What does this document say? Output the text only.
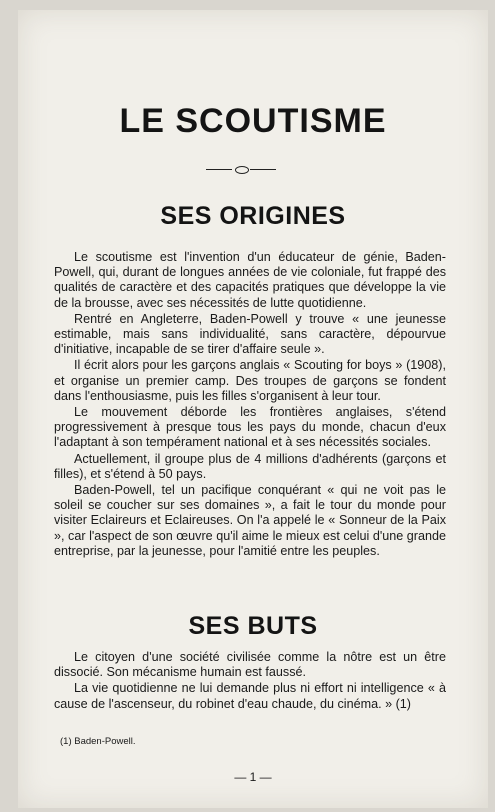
LE SCOUTISME
SES ORIGINES

Le scoutisme est l'invention d'un éducateur de génie, Baden-Powell, qui, durant de longues années de vie coloniale, fut frappé des qualités de caractère et des capacités pratiques que développe la vie de la brousse, avec ses nécessités de lutte quotidienne.

Rentré en Angleterre, Baden-Powell y trouve « une jeunesse estimable, mais sans individualité, sans caractère, dépourvue d'initiative, incapable de se tirer d'affaire seule ».

Il écrit alors pour les garçons anglais « Scouting for boys » (1908), et organise un premier camp. Des troupes de garçons se fondent dans l'enthousiasme, puis les filles s'organisent à leur tour.

Le mouvement déborde les frontières anglaises, s'étend progressivement à presque tous les pays du monde, chacun d'eux l'adaptant à son tempérament national et à ses nécessités sociales.

Actuellement, il groupe plus de 4 millions d'adhérents (garçons et filles), et s'étend à 50 pays.

Baden-Powell, tel un pacifique conquérant « qui ne voit pas le soleil se coucher sur ses domaines », a fait le tour du monde pour visiter Eclaireurs et Eclaireuses. On l'a appelé le « Sonneur de la Paix », car l'aspect de son œuvre qu'il aime le mieux est celui d'une grande entreprise, par la jeunesse, pour l'amitié entre les peuples.

SES BUTS

Le citoyen d'une société civilisée comme la nôtre est un être dissocié. Son mécanisme humain est faussé.

La vie quotidienne ne lui demande plus ni effort ni intelligence « à cause de l'ascenseur, du robinet d'eau chaude, du cinéma. » (1)

(1) Baden-Powell.
— 1 —
